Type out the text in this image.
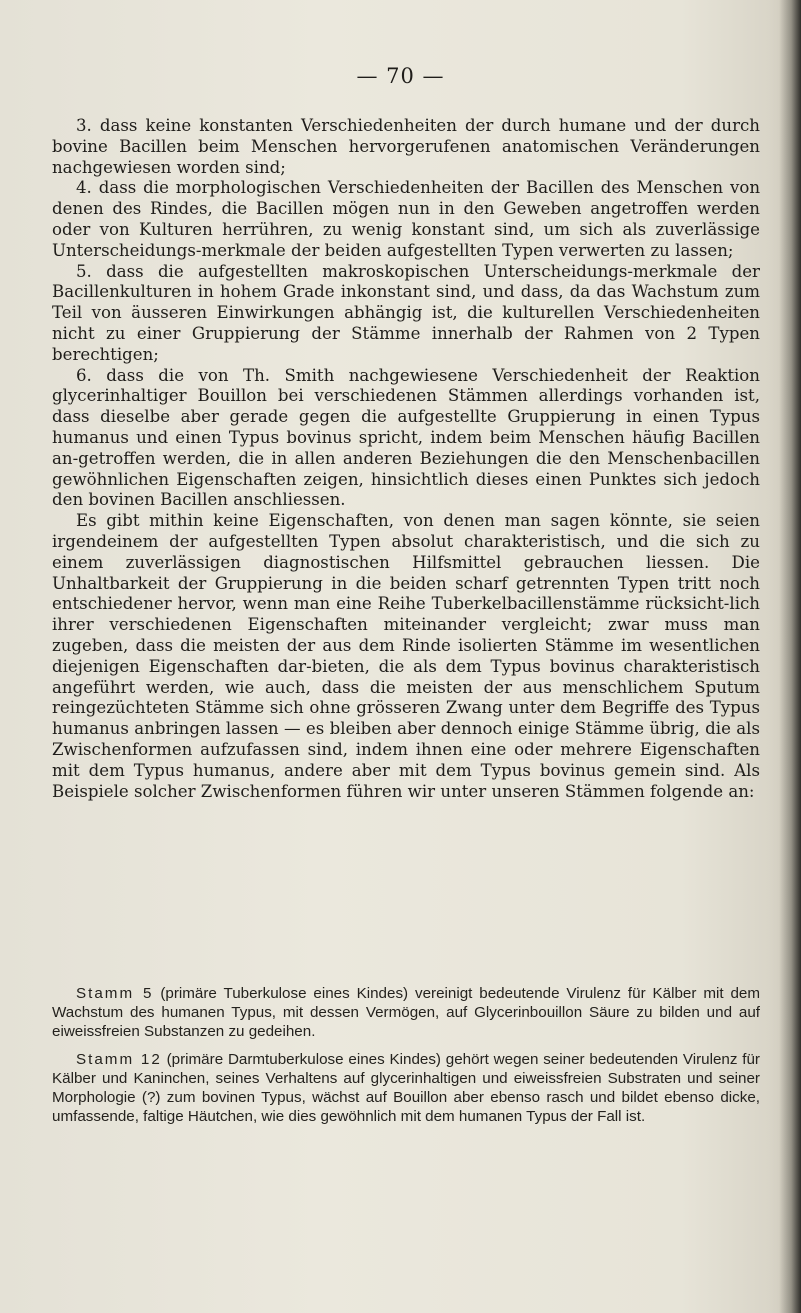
— 70 —

3. dass keine konstanten Verschiedenheiten der durch humane und der durch bovine Bacillen beim Menschen hervorgerufenen anatomischen Veränderungen nachgewiesen worden sind;

4. dass die morphologischen Verschiedenheiten der Bacillen des Menschen von denen des Rindes, die Bacillen mögen nun in den Geweben angetroffen werden oder von Kulturen herrühren, zu wenig konstant sind, um sich als zuverlässige Unterscheidungs-merkmale der beiden aufgestellten Typen verwerten zu lassen;

5. dass die aufgestellten makroskopischen Unterscheidungs-merkmale der Bacillenkulturen in hohem Grade inkonstant sind, und dass, da das Wachstum zum Teil von äusseren Einwirkungen abhängig ist, die kulturellen Verschiedenheiten nicht zu einer Gruppierung der Stämme innerhalb der Rahmen von 2 Typen berechtigen;

6. dass die von Th. Smith nachgewiesene Verschiedenheit der Reaktion glycerinhaltiger Bouillon bei verschiedenen Stämmen allerdings vorhanden ist, dass dieselbe aber gerade gegen die aufgestellte Gruppierung in einen Typus humanus und einen Typus bovinus spricht, indem beim Menschen häufig Bacillen an-getroffen werden, die in allen anderen Beziehungen die den Menschenbacillen gewöhnlichen Eigenschaften zeigen, hinsichtlich dieses einen Punktes sich jedoch den bovinen Bacillen anschliessen.

Es gibt mithin keine Eigenschaften, von denen man sagen könnte, sie seien irgendeinem der aufgestellten Typen absolut charakteristisch, und die sich zu einem zuverlässigen diagnostischen Hilfsmittel gebrauchen liessen. Die Unhaltbarkeit der Gruppierung in die beiden scharf getrennten Typen tritt noch entschiedener hervor, wenn man eine Reihe Tuberkelbacillenstämme rücksicht-lich ihrer verschiedenen Eigenschaften miteinander vergleicht; zwar muss man zugeben, dass die meisten der aus dem Rinde isolierten Stämme im wesentlichen diejenigen Eigenschaften dar-bieten, die als dem Typus bovinus charakteristisch angeführt werden, wie auch, dass die meisten der aus menschlichem Sputum reingezüchteten Stämme sich ohne grösseren Zwang unter dem Begriffe des Typus humanus anbringen lassen — es bleiben aber dennoch einige Stämme übrig, die als Zwischenformen aufzufassen sind, indem ihnen eine oder mehrere Eigenschaften mit dem Typus humanus, andere aber mit dem Typus bovinus gemein sind. Als Beispiele solcher Zwischenformen führen wir unter unseren Stämmen folgende an:

Stamm 5 (primäre Tuberkulose eines Kindes) vereinigt bedeutende Virulenz für Kälber mit dem Wachstum des humanen Typus, mit dessen Vermögen, auf Glycerinbouillon Säure zu bilden und auf eiweissfreien Substanzen zu gedeihen.

Stamm 12 (primäre Darmtuberkulose eines Kindes) gehört wegen seiner bedeutenden Virulenz für Kälber und Kaninchen, seines Verhaltens auf glycerinhaltigen und eiweissfreien Substraten und seiner Morphologie (?) zum bovinen Typus, wächst auf Bouillon aber ebenso rasch und bildet ebenso dicke, umfassende, faltige Häutchen, wie dies gewöhnlich mit dem humanen Typus der Fall ist.
